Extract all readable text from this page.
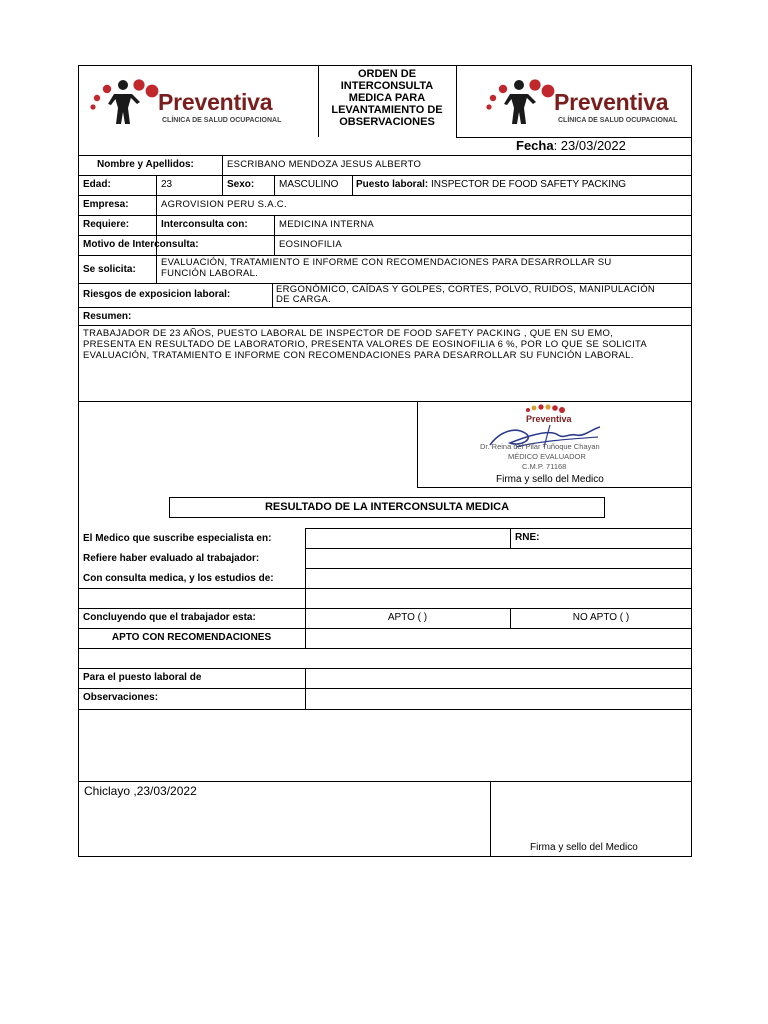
Preventiva
CLÍNICA DE SALUD OCUPACIONAL
ORDEN DE
INTERCONSULTA
MEDICA PARA
LEVANTAMIENTO DE
OBSERVACIONES
Preventiva
CLÍNICA DE SALUD OCUPACIONAL
Fecha: 23/03/2022
Nombre y Apellidos:	ESCRIBANO MENDOZA JESUS ALBERTO
Edad:	23	Sexo: MASCULINO Puesto laboral: INSPECTOR DE FOOD SAFETY PACKING
Empresa:	AGROVISION PERU S.A.C.
Requiere:	Interconsulta con:	MEDICINA INTERNA
Motivo de Interconsulta:	EOSINOFILIA
Se solicita:
EVALUACIÓN, TRATAMIENTO E INFORME CON RECOMENDACIONES PARA DESARROLLAR SU
FUNCIÓN LABORAL.
Riesgos de exposicion laboral:	ERGONÓMICO, CAÍDAS Y GOLPES, CORTES, POLVO, RUIDOS, MANIPULACIÓN
DE CARGA.
Resumen:
TRABAJADOR DE 23 AÑOS, PUESTO LABORAL DE INSPECTOR DE FOOD SAFETY PACKING , QUE EN SU EMO,
PRESENTA EN RESULTADO DE LABORATORIO, PRESENTA VALORES DE EOSINOFILIA 6 %, POR LO QUE SE SOLICITA
EVALUACIÓN, TRATAMIENTO E INFORME CON RECOMENDACIONES PARA DESARROLLAR SU FUNCIÓN LABORAL.
Preventiva
Dr. Reina del Pilar Tuñoque Chayan
MÉDICO EVALUADOR
C.M.P. 71168
Firma y sello del Medico
RESULTADO DE LA INTERCONSULTA MEDICA
El Medico que suscribe especialista en:	RNE:
Refiere haber evaluado al trabajador:
Con consulta medica, y los estudios de:
Concluyendo que el trabajador esta:	APTO ( )	NO APTO ( )
APTO CON RECOMENDACIONES
Para el puesto laboral de
Observaciones:
Chiclayo ,23/03/2022
Firma y sello del Medico
